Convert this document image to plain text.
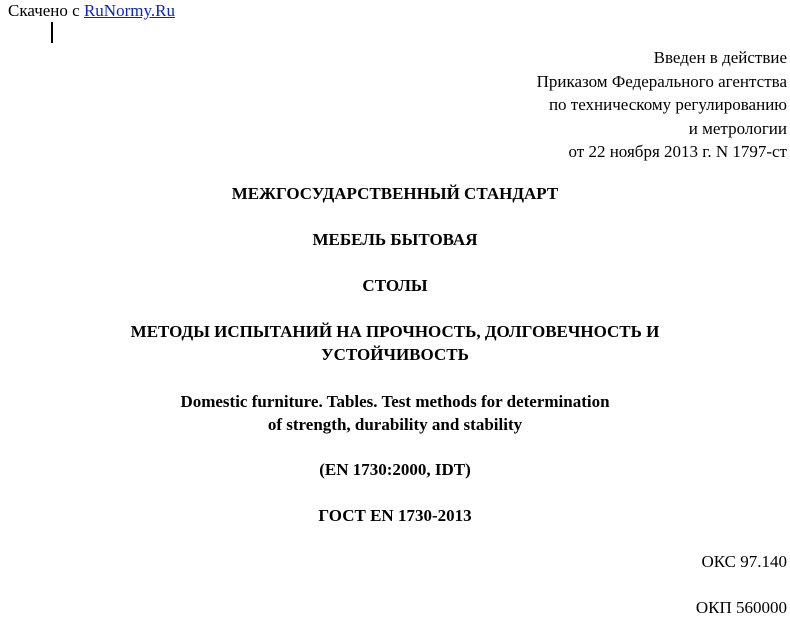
Скачено с RuNormy.Ru
Введен в действие
Приказом Федерального агентства
по техническому регулированию
и метрологии
от 22 ноября 2013 г. N 1797-ст
МЕЖГОСУДАРСТВЕННЫЙ СТАНДАРТ
МЕБЕЛЬ БЫТОВАЯ
СТОЛЫ
МЕТОДЫ ИСПЫТАНИЙ НА ПРОЧНОСТЬ, ДОЛГОВЕЧНОСТЬ И
УСТОЙЧИВОСТЬ
Domestic furniture. Tables. Test methods for determination
of strength, durability and stability
(EN 1730:2000, IDT)
ГОСТ EN 1730-2013
ОКС 97.140
ОКП 560000
